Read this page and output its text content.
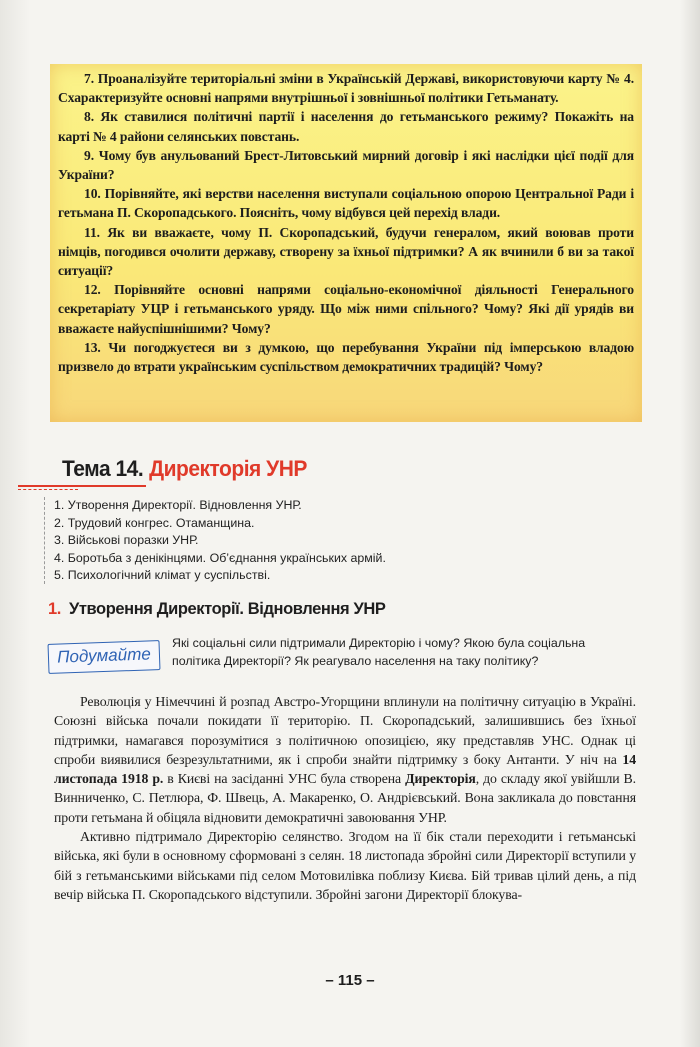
7. Проаналізуйте територіальні зміни в Українській Державі, використовуючи карту № 4. Схарактеризуйте основні напрями внутрішньої і зовнішньої політики Гетьманату.

8. Як ставилися політичні партії і населення до гетьманського режиму? Покажіть на карті № 4 райони селянських повстань.

9. Чому був анульований Брест-Литовський мирний договір і які наслідки цієї події для України?

10. Порівняйте, які верстви населення виступали соціальною опорою Центральної Ради і гетьмана П. Скоропадського. Поясніть, чому відбувся цей перехід влади.

11. Як ви вважаєте, чому П. Скоропадський, будучи генералом, який воював проти німців, погодився очолити державу, створену за їхньої підтримки? А як вчинили б ви за такої ситуації?

12. Порівняйте основні напрями соціально-економічної діяльності Генерального секретаріату УЦР і гетьманського уряду. Що між ними спільного? Чому? Які дії урядів ви вважаєте найуспішнішими? Чому?

13. Чи погоджуєтеся ви з думкою, що перебування України під імперською владою призвело до втрати українським суспільством демократичних традицій? Чому?

Тема 14. Директорія УНР
1. Утворення Директорії. Відновлення УНР.
2. Трудовий конгрес. Отаманщина.
3. Військові поразки УНР.
4. Боротьба з денікінцями. Об’єднання українських армій.
5. Психологічний клімат у суспільстві.
1. Утворення Директорії. Відновлення УНР
Подумайте
Які соціальні сили підтримали Директорію і чому? Якою була соціальна політика Директорії? Як реагувало населення на таку політику?

Революція у Німеччині й розпад Австро-Угорщини вплинули на політичну ситуацію в Україні. Союзні війська почали покидати її територію. П. Скоропадський, залишившись без їхньої підтримки, намагався порозумітися з політичною опозицією, яку представляв УНС. Однак ці спроби виявилися безрезультатними, як і спроби знайти підтримку з боку Антанти. У ніч на 14 листопада 1918 р. в Києві на засіданні УНС була створена Директорія, до складу якої увійшли В. Винниченко, С. Петлюра, Ф. Швець, А. Макаренко, О. Андрієвський. Вона закликала до повстання проти гетьмана й обіцяла відновити демократичні завоювання УНР.

Активно підтримало Директорію селянство. Згодом на її бік стали переходити і гетьманські війська, які були в основному сформовані з селян. 18 листопада збройні сили Директорії вступили у бій з гетьманськими військами під селом Мотовилівка поблизу Києва. Бій тривав цілий день, а під вечір війська П. Скоропадського відступили. Збройні загони Директорії блокува-

– 115 –
